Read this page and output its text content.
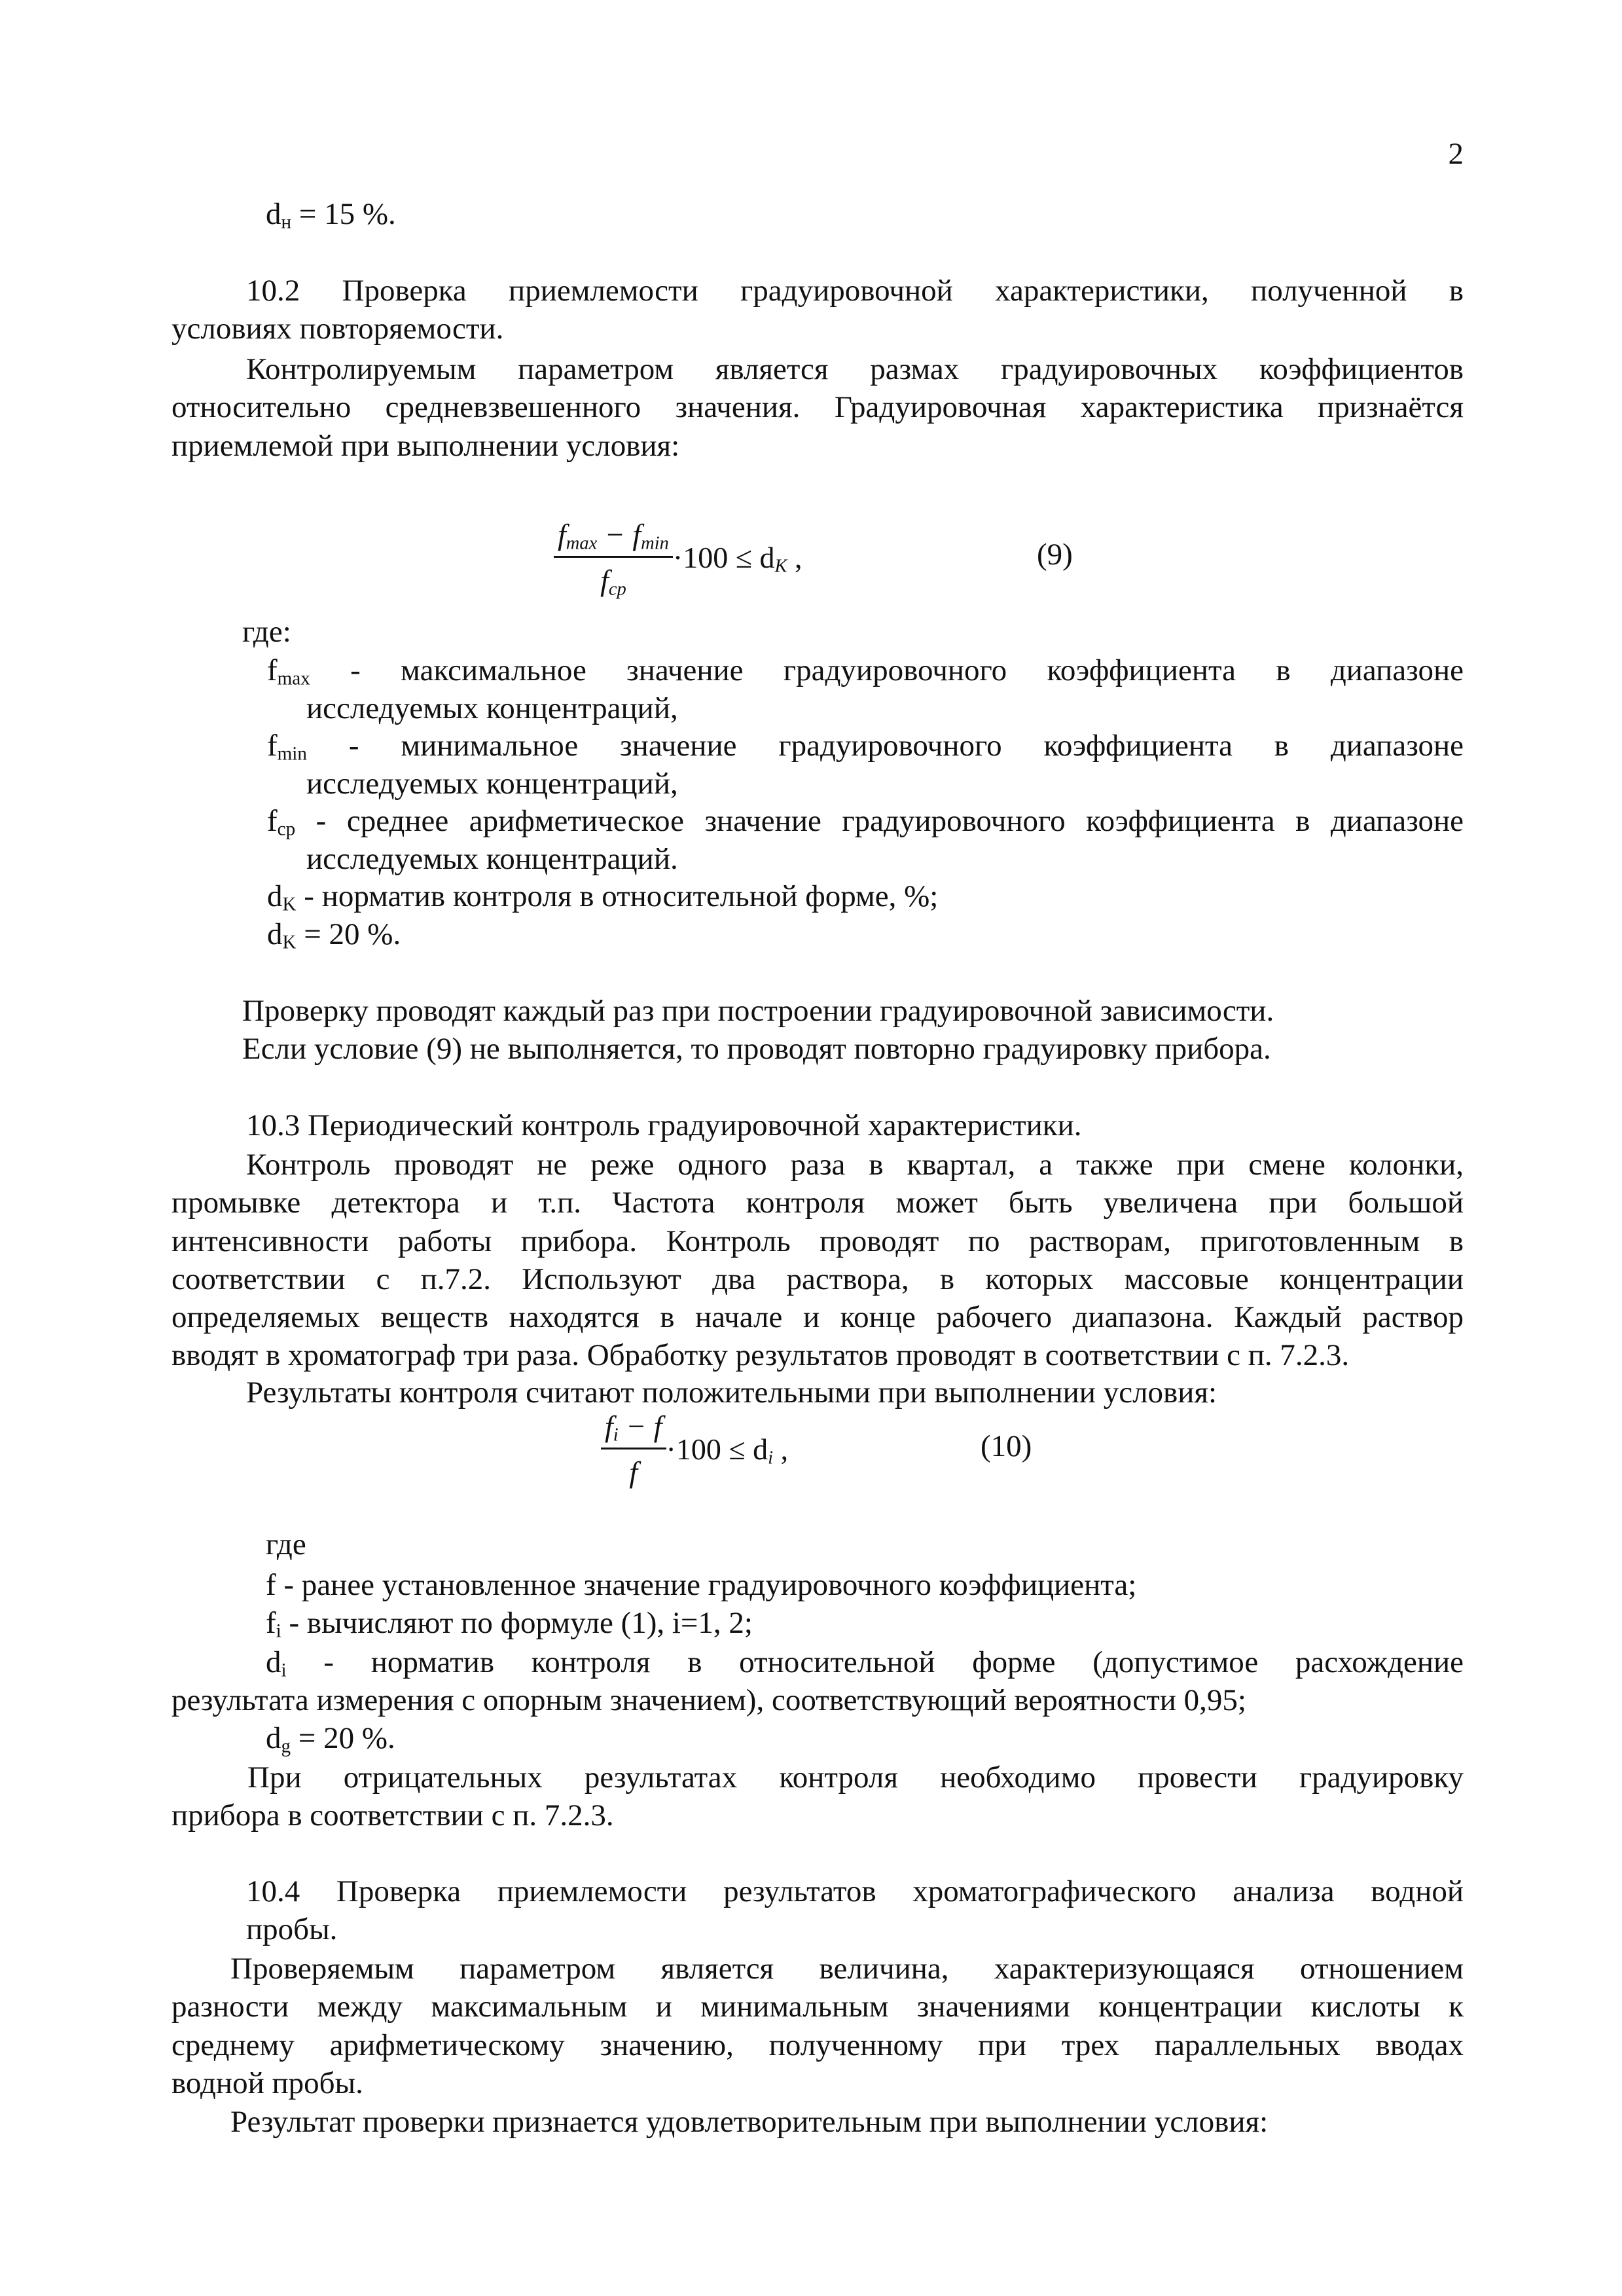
2
$d_н = 15$ %.
10.2 Проверка приемлемости градуировочной характеристики, полученной в
условиях повторяемости.
Контролируемым параметром является размах градуировочных коэффициентов
относительно средневзвешенного значения. Градуировочная характеристика признаётся
приемлемой при выполнении условия:
$\frac{f_{max} - f_{min}}{f_{ср}} \cdot 100 \le d_K$ ,	(9)
где:
$f_{max}$ - максимальное значение градуировочного коэффициента в диапазоне
исследуемых концентраций,
$f_{min}$ - минимальное значение градуировочного коэффициента в диапазоне
исследуемых концентраций,
$f_{ср}$ - среднее арифметическое значение градуировочного коэффициента в диапазоне
исследуемых концентраций.
$d_K$ - норматив контроля в относительной форме, %;
$d_K = 20$ %.
Проверку проводят каждый раз при построении градуировочной зависимости.
Если условие (9) не выполняется, то проводят повторно градуировку прибора.
10.3 Периодический контроль градуировочной характеристики.
Контроль проводят не реже одного раза в квартал, а также при смене колонки,
промывке детектора и т.п. Частота контроля может быть увеличена при большой
интенсивности работы прибора. Контроль проводят по растворам, приготовленным в
соответствии с п.7.2. Используют два раствора, в которых массовые концентрации
определяемых веществ находятся в начале и конце рабочего диапазона. Каждый раствор
вводят в хроматограф три раза. Обработку результатов проводят в соответствии с п. 7.2.3.
Результаты контроля считают положительными при выполнении условия:
$\frac{f_i - f}{f} \cdot 100 \le d_i$ ,	(10)
где
f - ранее установленное значение градуировочного коэффициента;
$f_i$ - вычисляют по формуле (1), i=1, 2;
$d_i$ - норматив контроля в относительной форме (допустимое расхождение
результата измерения с опорным значением), соответствующий вероятности 0,95;
$d_g = 20$ %.
При отрицательных результатах контроля необходимо провести градуировку
прибора в соответствии с п. 7.2.3.
10.4 Проверка приемлемости результатов хроматографического анализа водной
пробы.
Проверяемым параметром является величина, характеризующаяся отношением
разности между максимальным и минимальным значениями концентрации кислоты к
среднему арифметическому значению, полученному при трех параллельных вводах
водной пробы.
Результат проверки признается удовлетворительным при выполнении условия:
